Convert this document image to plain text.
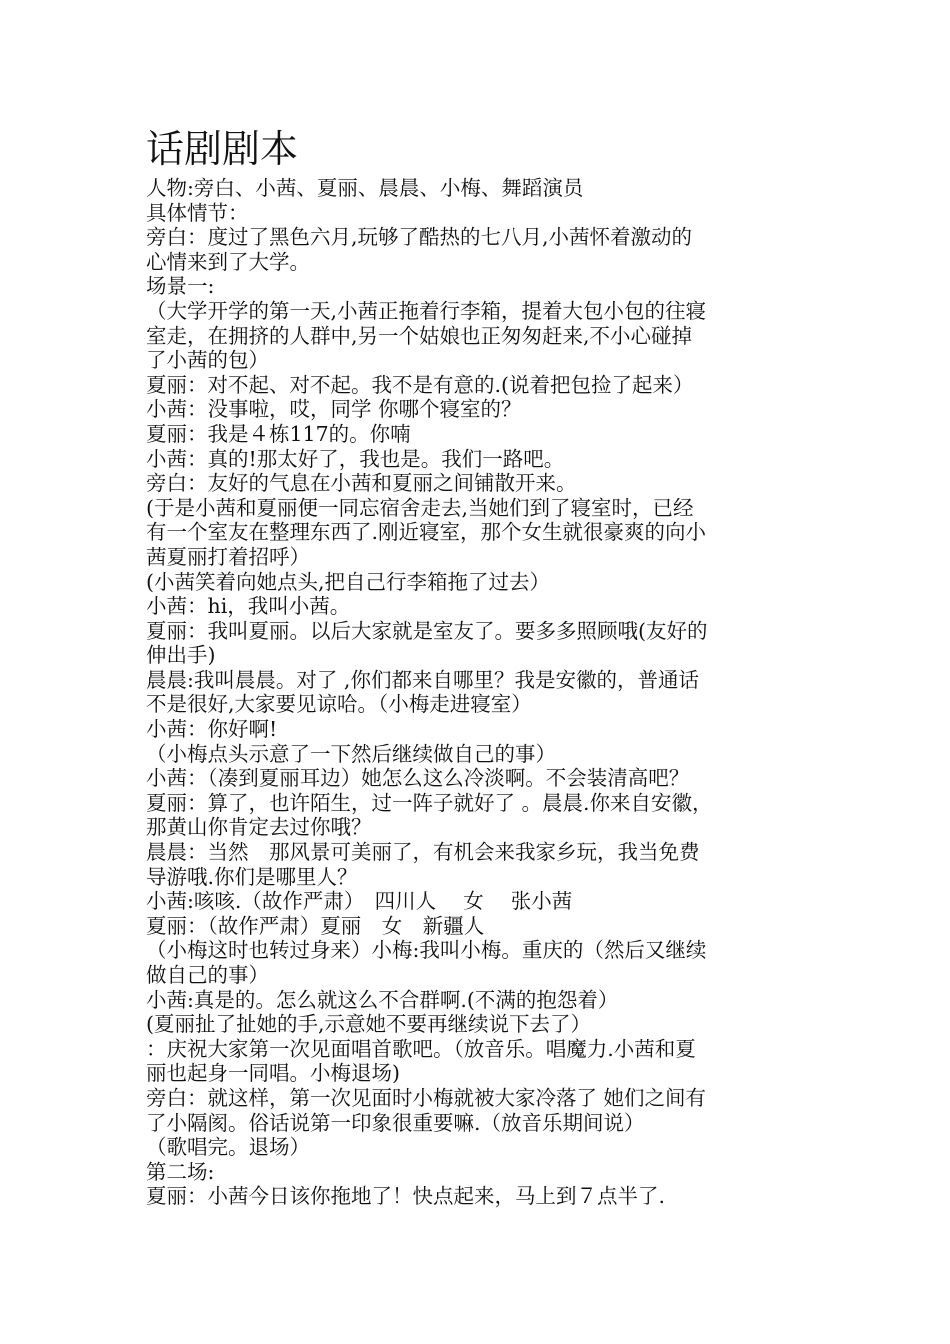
话剧剧本

人物:旁白、小茜、夏丽、晨晨、小梅、舞蹈演员

具体情节：

旁白：度过了黑色六月,玩够了酷热的七八月,小茜怀着激动的

心情来到了大学。

场景一:

（大学开学的第一天,小茜正拖着行李箱，提着大包小包的往寝

室走，在拥挤的人群中,另一个姑娘也正匆匆赶来,不小心碰掉

了小茜的包）

夏丽：对不起、对不起。我不是有意的.(说着把包捡了起来）

小茜：没事啦，哎，同学 你哪个寝室的？

夏丽：我是４栋117的。你喃

小茜：真的!那太好了，我也是。我们一路吧。

旁白：友好的气息在小茜和夏丽之间铺散开来。

(于是小茜和夏丽便一同忘宿舍走去,当她们到了寝室时，已经

有一个室友在整理东西了.刚近寝室，那个女生就很豪爽的向小

茜夏丽打着招呼）

(小茜笑着向她点头,把自己行李箱拖了过去）

小茜：hi，我叫小茜。

夏丽：我叫夏丽。以后大家就是室友了。要多多照顾哦(友好的

伸出手)

晨晨:我叫晨晨。对了 ,你们都来自哪里？我是安徽的，普通话

不是很好,大家要见谅哈。（小梅走进寝室）

小茜：你好啊!

（小梅点头示意了一下然后继续做自己的事）

小茜：（凑到夏丽耳边）她怎么这么冷淡啊。不会装清高吧？

夏丽：算了，也许陌生，过一阵子就好了 。晨晨.你来自安徽，

那黄山你肯定去过你哦？

晨晨：当然　那风景可美丽了，有机会来我家乡玩，我当免费

导游哦.你们是哪里人？

小茜:咳咳.（故作严肃）　四川人　 女　 张小茜

夏丽：（故作严肃）夏丽　女　新疆人

（小梅这时也转过身来）小梅:我叫小梅。重庆的（然后又继续

做自己的事）

小茜:真是的。怎么就这么不合群啊.(不满的抱怨着）

(夏丽扯了扯她的手,示意她不要再继续说下去了）

：庆祝大家第一次见面唱首歌吧。（放音乐。唱魔力.小茜和夏

丽也起身一同唱。小梅退场)

旁白：就这样，第一次见面时小梅就被大家冷落了 她们之间有

了小隔阂。俗话说第一印象很重要嘛.（放音乐期间说）

（歌唱完。退场）

第二场:

夏丽：小茜今日该你拖地了！快点起来，马上到７点半了.
